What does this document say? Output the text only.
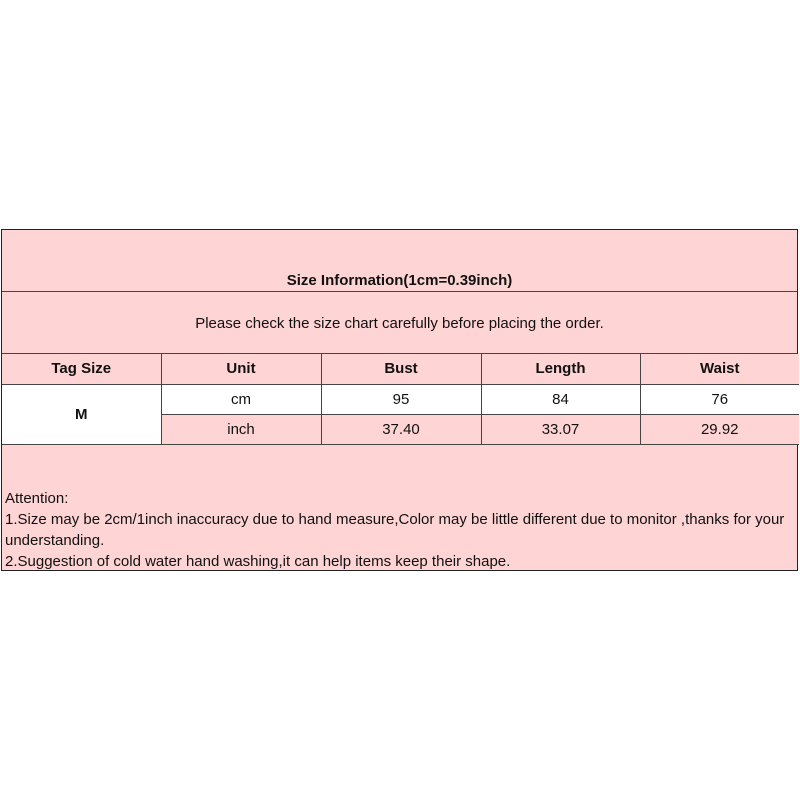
Size Information(1cm=0.39inch)
Please check the size chart carefully before placing the order.
Tag Size	Unit	Bust	Length	Waist
M	cm	95	84	76
	inch	37.40	33.07	29.92
Attention:
1.Size may be 2cm/1inch inaccuracy due to hand measure,Color may be little different due to monitor ,thanks for your understanding.
2.Suggestion of cold water hand washing,it can help items keep their shape.
